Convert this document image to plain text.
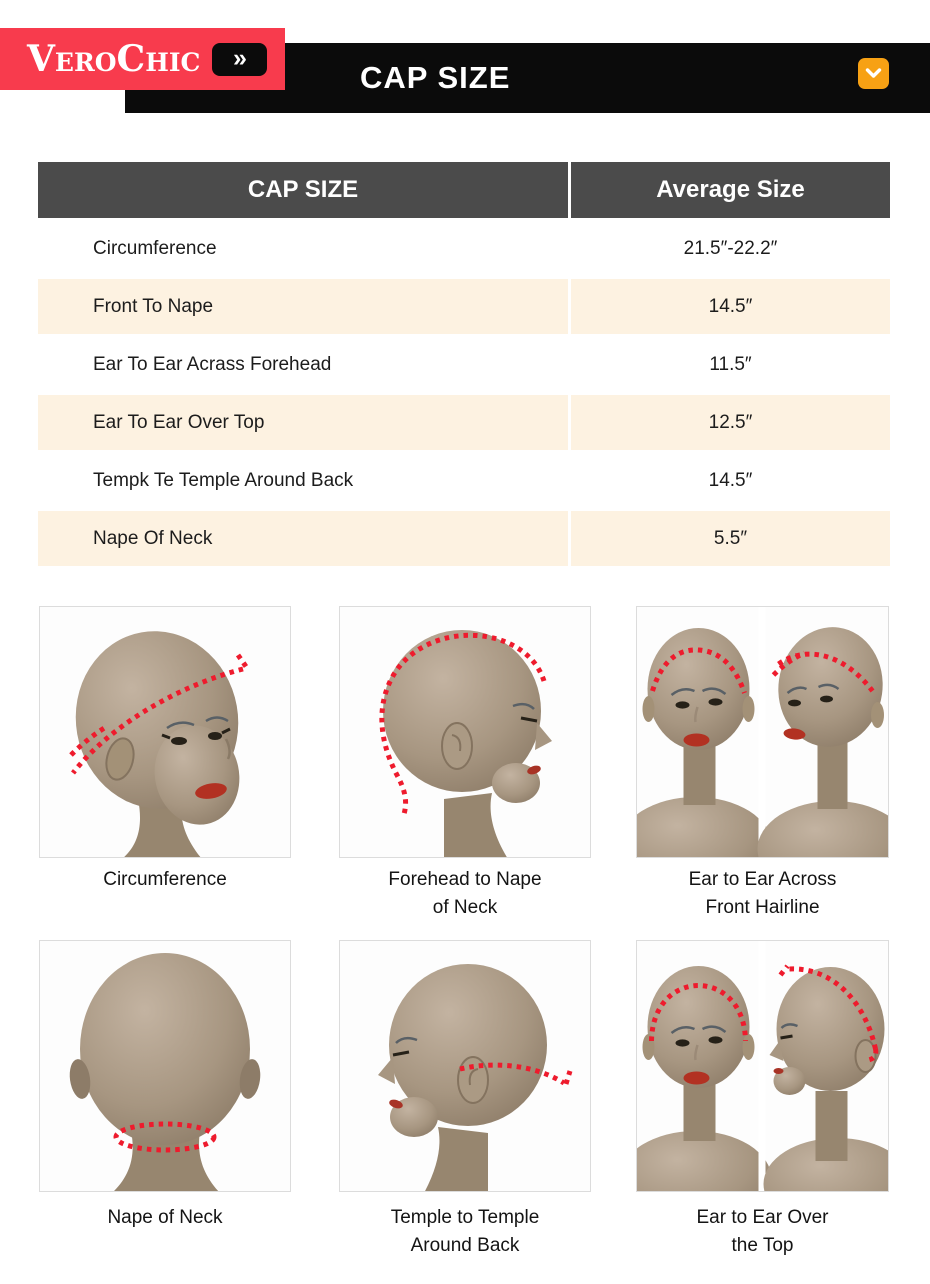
CAP SIZE
VeroChic	»
CAP SIZE	Average Size
Circumference	21.5″-22.2″
Front To Nape	14.5″
Ear To Ear Acrass Forehead	11.5″
Ear To Ear Over Top	12.5″
Tempk Te Temple Around Back	14.5″
Nape Of Neck	5.5″
Circumference	Forehead to Nape
of Neck
Ear to Ear Across
Front Hairline
Nape of Neck	Temple to Temple
Around Back
Ear to Ear Over
the Top
